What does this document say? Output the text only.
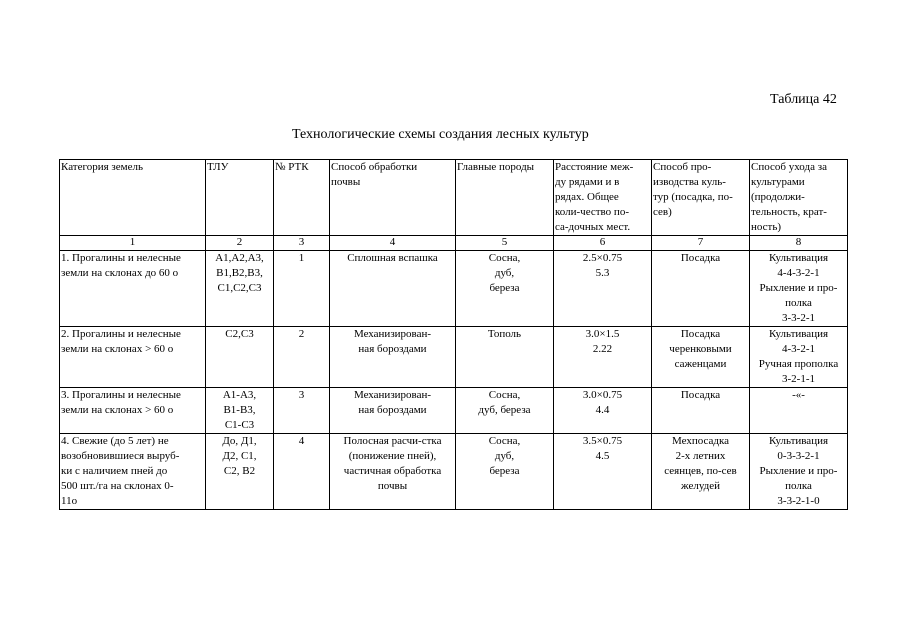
Таблица 42
Технологические схемы создания лесных культур
Категория земель	ТЛУ	№ РТК	Способ обработки
почвы	Главные породы	Расстояние меж-
ду рядами и в
рядах. Общее
коли-чество по-
са-дочных мест.	Способ про-
изводства куль-
тур (посадка, по-
сев)	Способ ухода за
культурами
(продолжи-
тельность, крат-
ность)
1	2	3	4	5	6	7	8
1. Прогалины и нелесные
земли на склонах до 60 о	А1,А2,А3,
В1,В2,В3,
С1,С2,С3	1	Сплошная вспашка	Сосна,
дуб,
береза	2.5×0.75
5.3	Посадка	Культивация
4-4-3-2-1
Рыхление и про-
полка
3-3-2-1
2. Прогалины и нелесные
земли на склонах > 60 о	С2,С3	2	Механизирован-
ная бороздами	Тополь	3.0×1.5
2.22	Посадка
черенковыми
саженцами	Культивация
4-3-2-1
Ручная прополка
3-2-1-1
3. Прогалины и нелесные
земли на склонах > 60 о	А1-А3,
В1-В3,
С1-С3	3	Механизирован-
ная бороздами	Сосна,
дуб, береза	3.0×0.75
4.4	Посадка	-«-
4. Свежие (до 5 лет) не
возобновившиеся выруб-
ки с наличием пней до
500 шт./га на склонах 0-
11о	До, Д1,
Д2, С1,
С2, В2	4	Полосная расчи-стка
(понижение пней),
частичная обработка
почвы	Сосна,
дуб,
береза	3.5×0.75
4.5	Мехпосадка
2-х летних
сеянцев, по-сев
желудей	Культивация
0-3-3-2-1
Рыхление и про-
полка
3-3-2-1-0
